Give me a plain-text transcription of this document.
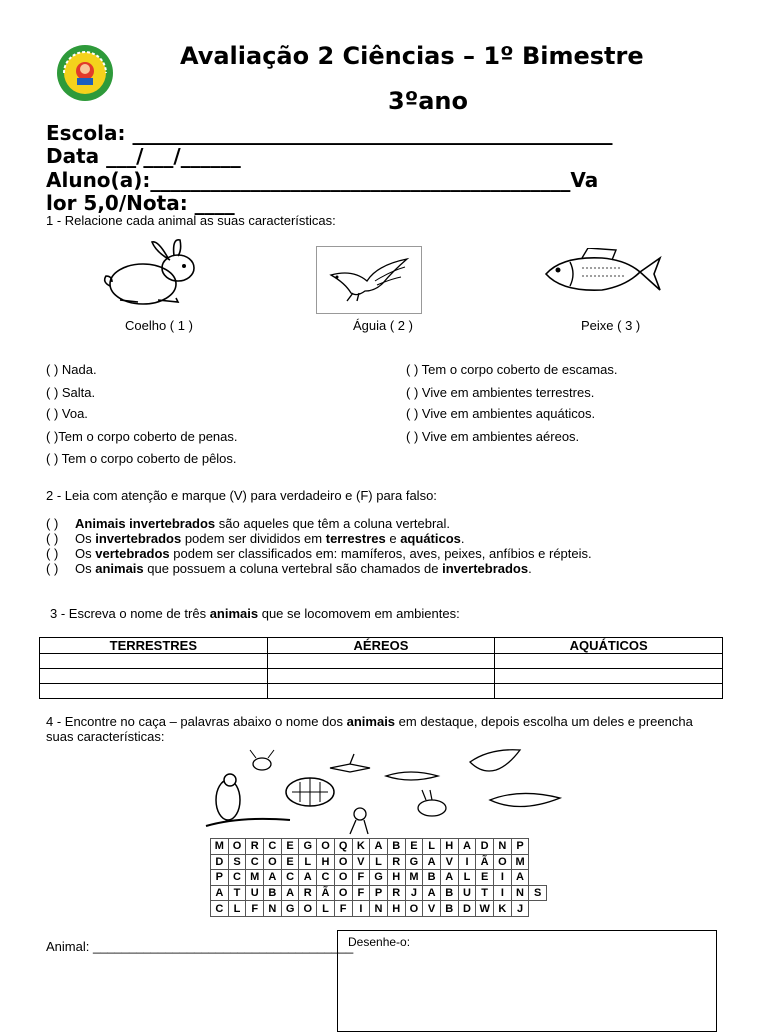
Avaliação 2 Ciências – 1º Bimestre
3ºano
Escola: ________________________________________________
Data ___/___/______
Aluno(a):__________________________________________Va
lor 5,0/Nota: ____
1 - Relacione cada animal as suas características:
Coelho ( 1 )	Águia ( 2 )	Peixe ( 3 )
( ) Nada.
( ) Salta.
( ) Voa.
( )Tem o corpo coberto de penas.
( ) Tem o corpo coberto de pêlos.
( ) Tem o corpo coberto de escamas.
( ) Vive em ambientes terrestres.
( ) Vive em ambientes aquáticos.
( ) Vive em ambientes aéreos.
2 - Leia com atenção e marque (V) para verdadeiro e (F) para falso:
( ) Animais invertebrados são aqueles que têm a coluna vertebral.
( ) Os invertebrados podem ser divididos em terrestres e aquáticos.
( ) Os vertebrados podem ser classificados em: mamíferos, aves, peixes, anfíbios e répteis.
( ) Os animais que possuem a coluna vertebral são chamados de invertebrados.
3 - Escreva o nome de três animais que se locomovem em ambientes:
TERRESTRES	AÉREOS	AQUÁTICOS

4 - Encontre no caça – palavras abaixo o nome dos animais em destaque, depois escolha um deles e preencha
suas características:
M	O	R	C	E	G	O	Q	K	A	B	E	L	H	A	D	N	P	
D	S	C	O	E	L	H	O	V	L	R	G	A	V	I	Ã	O	M	
P	C	M	A	C	A	C	O	F	G	H	M	B	A	L	E	I	A	
A	T	U	B	A	R	Ã	O	F	P	R	J	A	B	U	T	I	N	S
C	L	F	N	G	O	L	F	I	N	H	O	V	B	D	W	K	J	
Animal: ____________________________________
Desenhe-o:
